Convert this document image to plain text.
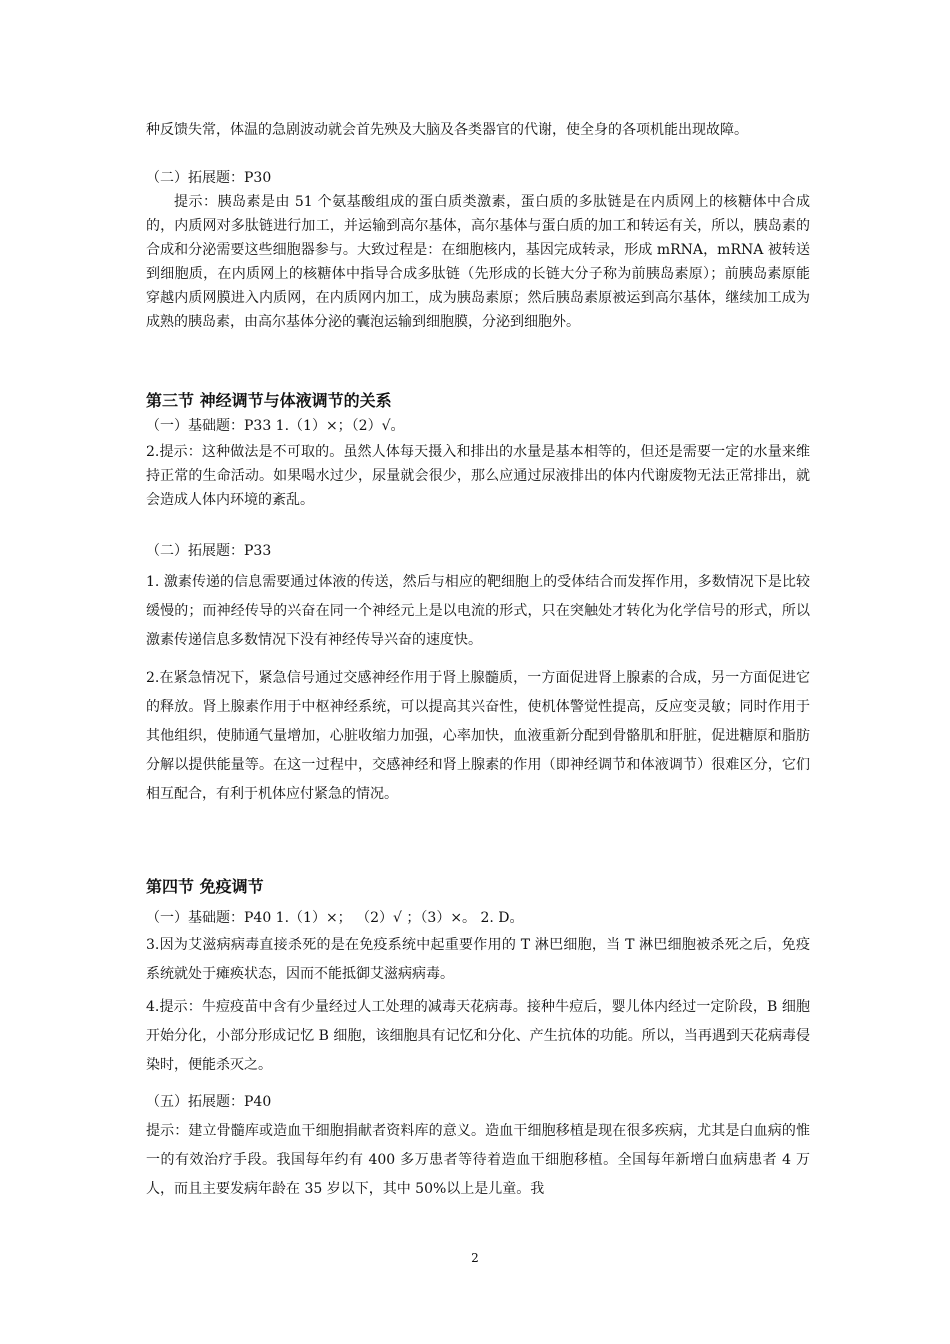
种反馈失常，体温的急剧波动就会首先殃及大脑及各类器官的代谢，使全身的各项机能出现故障。

（二）拓展题：P30

提示：胰岛素是由 51 个氨基酸组成的蛋白质类激素，蛋白质的多肽链是在内质网上的核糖体中合成的，内质网对多肽链进行加工，并运输到高尔基体，高尔基体与蛋白质的加工和转运有关，所以，胰岛素的合成和分泌需要这些细胞器参与。大致过程是：在细胞核内，基因完成转录，形成 mRNA，mRNA 被转送到细胞质，在内质网上的核糖体中指导合成多肽链（先形成的长链大分子称为前胰岛素原）；前胰岛素原能穿越内质网膜进入内质网，在内质网内加工，成为胰岛素原；然后胰岛素原被运到高尔基体，继续加工成为成熟的胰岛素，由高尔基体分泌的囊泡运输到细胞膜，分泌到细胞外。

第三节 神经调节与体液调节的关系

（一）基础题：P33 1.（1）×；（2）√。

2.提示：这种做法是不可取的。虽然人体每天摄入和排出的水量是基本相等的，但还是需要一定的水量来维持正常的生命活动。如果喝水过少，尿量就会很少，那么应通过尿液排出的体内代谢废物无法正常排出，就会造成人体内环境的紊乱。

（二）拓展题：P33

1. 激素传递的信息需要通过体液的传送，然后与相应的靶细胞上的受体结合而发挥作用，多数情况下是比较缓慢的；而神经传导的兴奋在同一个神经元上是以电流的形式，只在突触处才转化为化学信号的形式，所以激素传递信息多数情况下没有神经传导兴奋的速度快。

2.在紧急情况下，紧急信号通过交感神经作用于肾上腺髓质，一方面促进肾上腺素的合成，另一方面促进它的释放。肾上腺素作用于中枢神经系统，可以提高其兴奋性，使机体警觉性提高，反应变灵敏；同时作用于其他组织，使肺通气量增加，心脏收缩力加强，心率加快，血液重新分配到骨骼肌和肝脏，促进糖原和脂肪分解以提供能量等。在这一过程中，交感神经和肾上腺素的作用（即神经调节和体液调节）很难区分，它们相互配合，有利于机体应付紧急的情况。

第四节 免疫调节

（一）基础题：P40 1.（1）×； （2）√ ；（3）×。 2. D。

3.因为艾滋病病毒直接杀死的是在免疫系统中起重要作用的 T 淋巴细胞，当 T 淋巴细胞被杀死之后，免疫系统就处于瘫痪状态，因而不能抵御艾滋病病毒。

4.提示：牛痘疫苗中含有少量经过人工处理的减毒天花病毒。接种牛痘后，婴儿体内经过一定阶段，B 细胞开始分化，小部分形成记忆 B 细胞，该细胞具有记忆和分化、产生抗体的功能。所以，当再遇到天花病毒侵染时，便能杀灭之。

（五）拓展题：P40

提示：建立骨髓库或造血干细胞捐献者资料库的意义。造血干细胞移植是现在很多疾病，尤其是白血病的惟一的有效治疗手段。我国每年约有 400 多万患者等待着造血干细胞移植。全国每年新增白血病患者 4 万人，而且主要发病年龄在 35 岁以下，其中 50%以上是儿童。我

2
